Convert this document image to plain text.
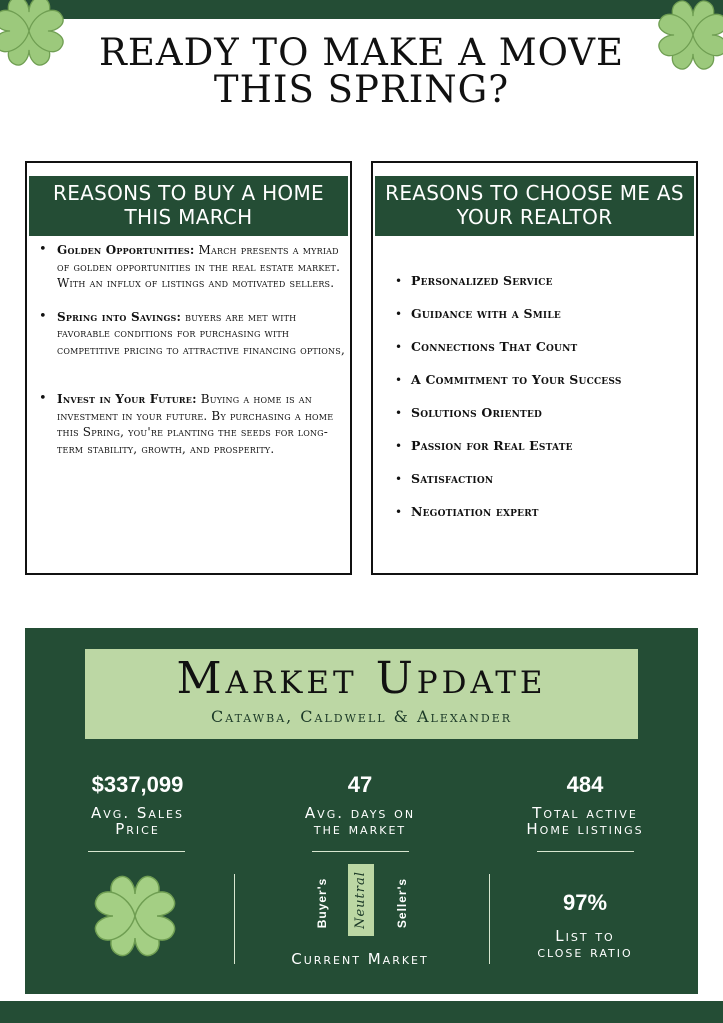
READY TO MAKE A MOVE THIS SPRING?
REASONS TO BUY A HOME THIS MARCH
• Golden Opportunities: March presents a myriad of golden opportunities in the real estate market. With an influx of listings and motivated sellers.
• Spring into Savings: buyers are met with favorable conditions for purchasing with competitive pricing to attractive financing options,
• Invest in Your Future: Buying a home is an investment in your future. By purchasing a home this Spring, you're planting the seeds for long-term stability, growth, and prosperity.
REASONS TO CHOOSE ME AS YOUR REALTOR
• Personalized Service
• Guidance with a Smile
• Connections That Count
• A Commitment to Your Success
• Solutions Oriented
• Passion for Real Estate
• Satisfaction
• Negotiation expert
Market Update
Catawba, Caldwell & Alexander
$337,099
Avg. Sales
Price
47
Avg. days on
the market
484
Total active
Home listings
Buyer's Neutral Seller's
Current Market
97%
List to
close ratio
